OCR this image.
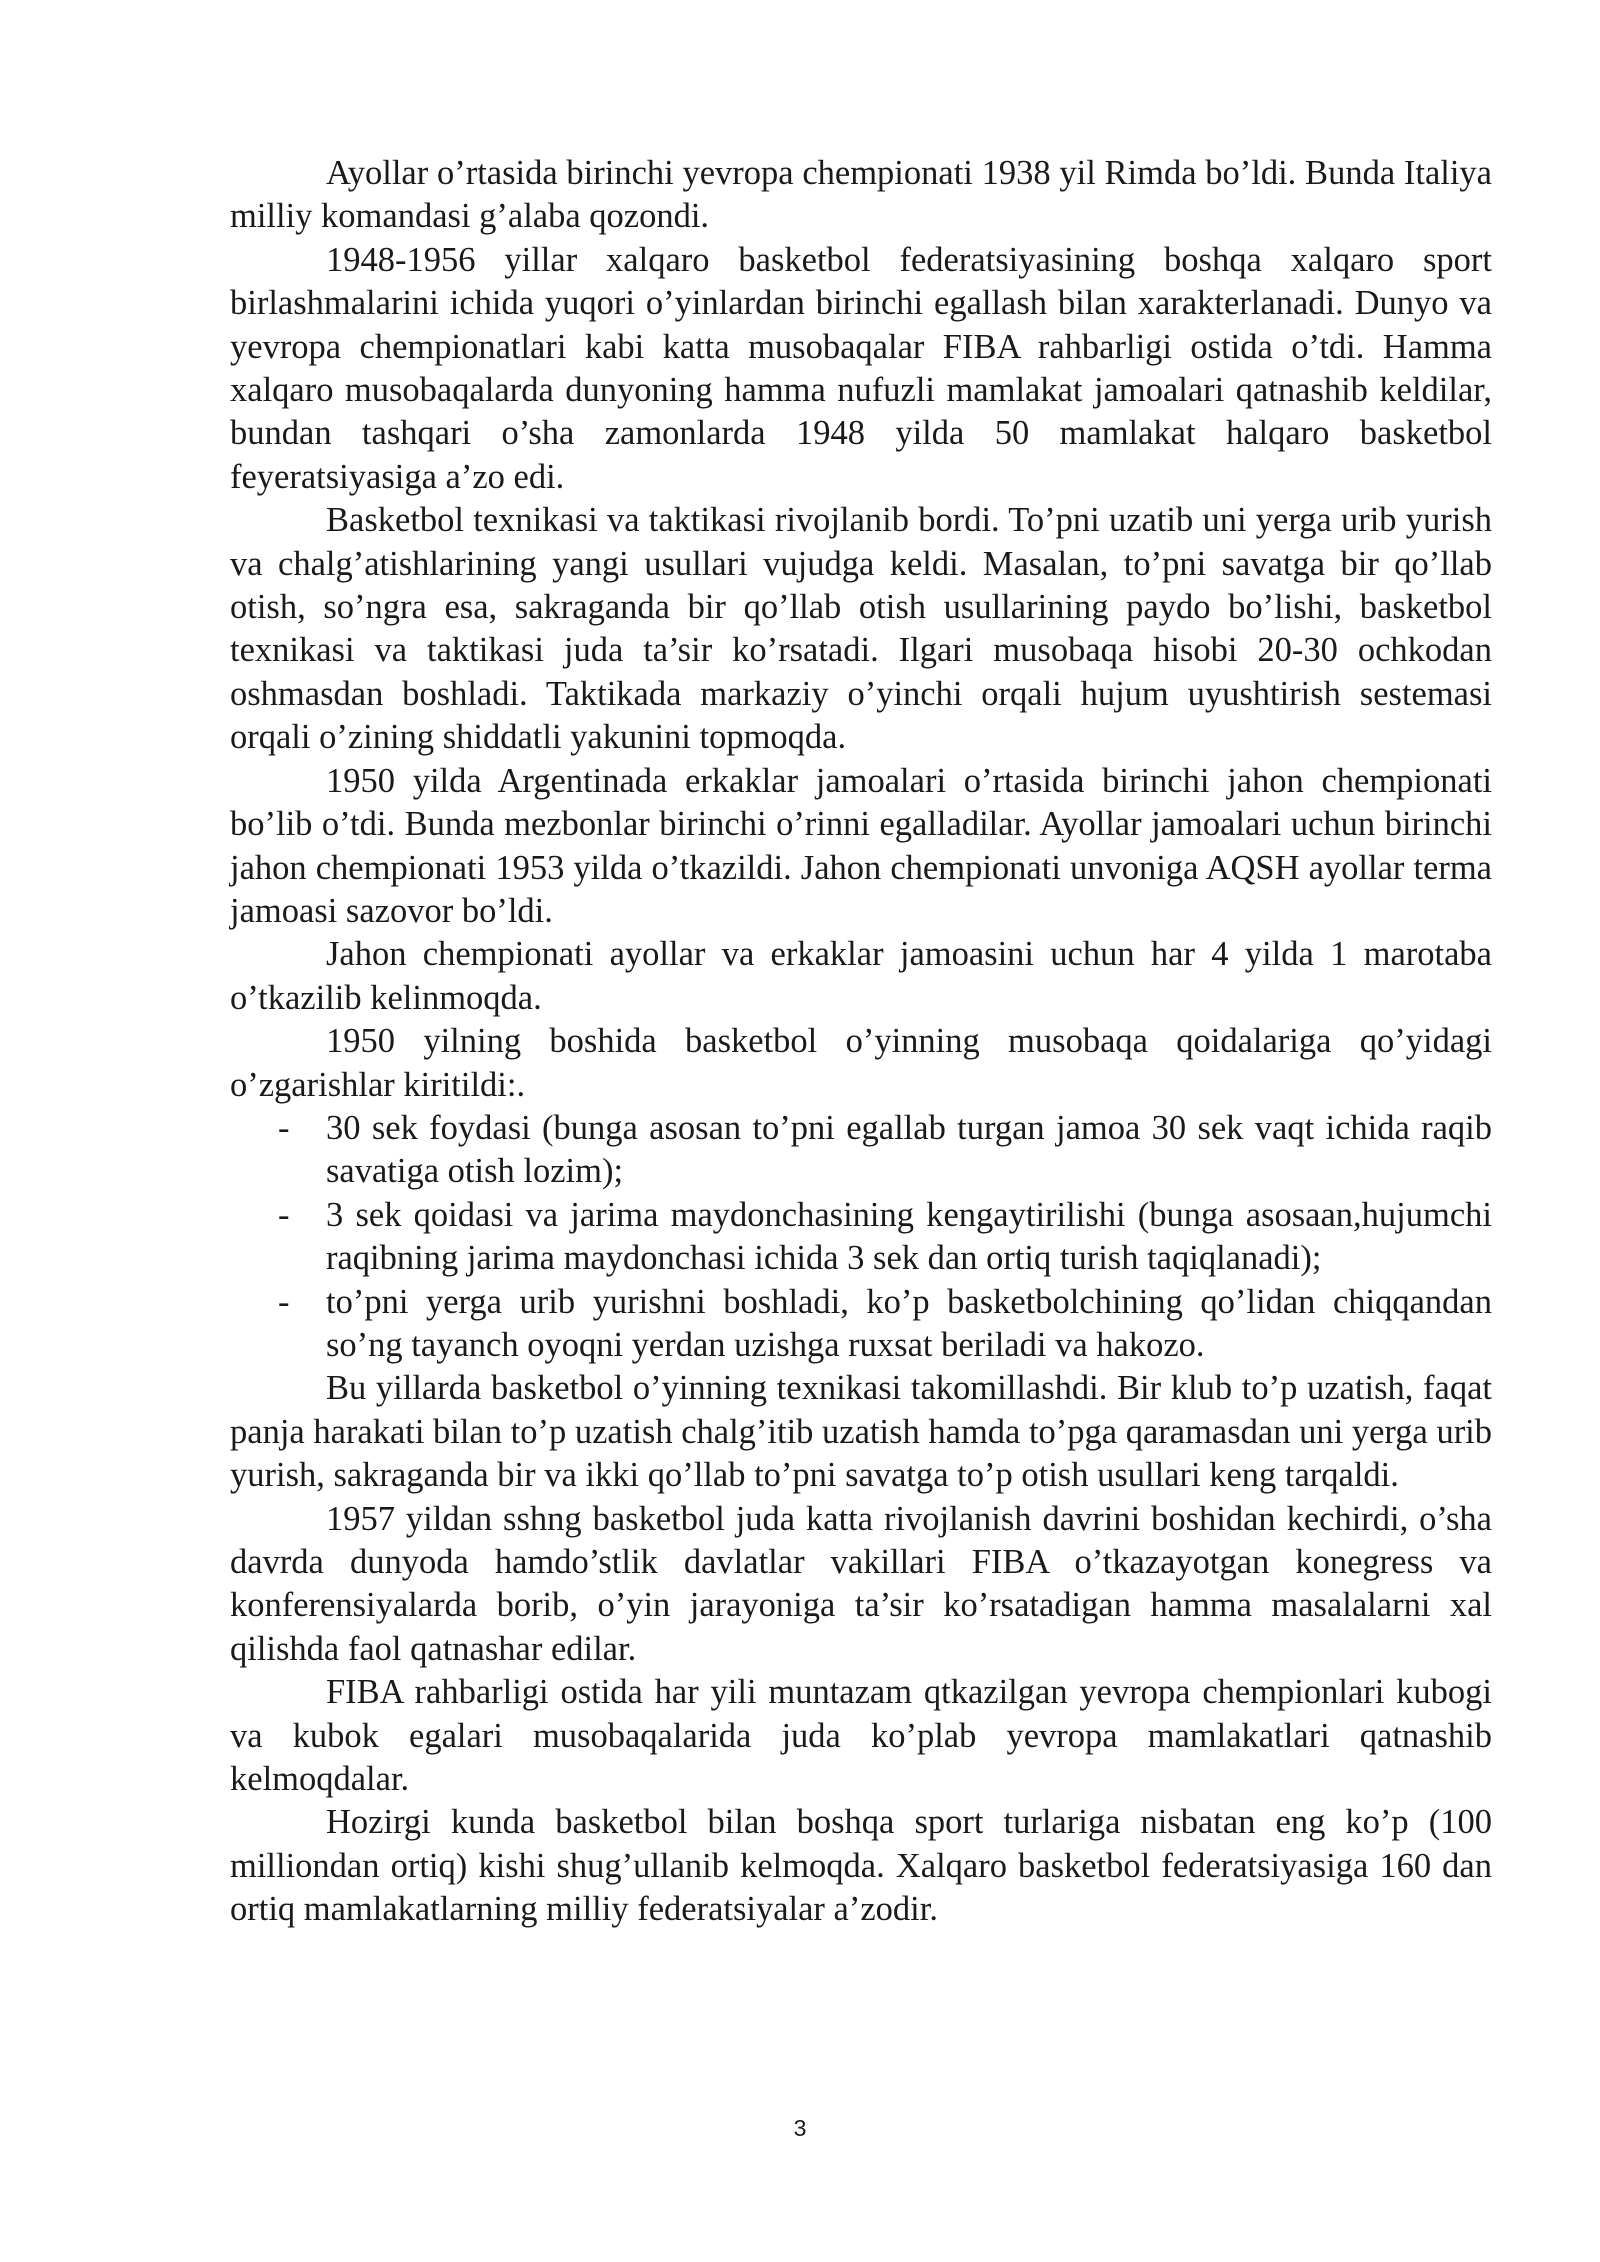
Ayollar o’rtasida birinchi yevropa chempionati 1938 yil Rimda bo’ldi. Bunda Italiya milliy komandasi g’alaba qozondi.

1948-1956 yillar xalqaro basketbol federatsiyasining boshqa xalqaro sport birlashmalarini ichida yuqori o’yinlardan birinchi egallash bilan xarakterlanadi. Dunyo va yevropa chempionatlari kabi katta musobaqalar FIBA rahbarligi ostida o’tdi. Hamma xalqaro musobaqalarda dunyoning hamma nufuzli mamlakat jamoalari qatnashib keldilar, bundan tashqari o’sha zamonlarda 1948 yilda 50 mamlakat halqaro basketbol feyeratsiyasiga a’zo edi.

Basketbol texnikasi va taktikasi rivojlanib bordi. To’pni uzatib uni yerga urib yurish va chalg’atishlarining yangi usullari vujudga keldi. Masalan, to’pni savatga bir qo’llab otish, so’ngra esa, sakraganda bir qo’llab otish usullarining paydo bo’lishi, basketbol texnikasi va taktikasi juda ta’sir ko’rsatadi. Ilgari musobaqa hisobi 20-30 ochkodan oshmasdan boshladi. Taktikada markaziy o’yinchi orqali hujum uyushtirish sestemasi orqali o’zining shiddatli yakunini topmoqda.

1950 yilda Argentinada erkaklar jamoalari o’rtasida birinchi jahon chempionati bo’lib o’tdi. Bunda mezbonlar birinchi o’rinni egalladilar. Ayollar jamoalari uchun birinchi jahon chempionati 1953 yilda o’tkazildi. Jahon chempionati unvoniga AQSH ayollar terma jamoasi sazovor bo’ldi.

Jahon chempionati ayollar va erkaklar jamoasini uchun har 4 yilda 1 marotaba o’tkazilib kelinmoqda.

1950 yilning boshida basketbol o’yinning musobaqa qoidalariga qo’yidagi o’zgarishlar kiritildi:.

- 30 sek foydasi (bunga asosan to’pni egallab turgan jamoa 30 sek vaqt ichida raqib savatiga otish lozim);
- 3 sek qoidasi va jarima maydonchasining kengaytirilishi (bunga asosaan,hujumchi raqibning jarima maydonchasi ichida 3 sek dan ortiq turish taqiqlanadi);
- to’pni yerga urib yurishni boshladi, ko’p basketbolchining qo’lidan chiqqandan so’ng tayanch oyoqni yerdan uzishga ruxsat beriladi va hakozo.

Bu yillarda basketbol o’yinning texnikasi takomillashdi. Bir klub to’p uzatish, faqat panja harakati bilan to’p uzatish chalg’itib uzatish hamda to’pga qaramasdan uni yerga urib yurish, sakraganda bir va ikki qo’llab to’pni savatga to’p otish usullari keng tarqaldi.

1957 yildan sshng basketbol juda katta rivojlanish davrini boshidan kechirdi, o’sha davrda dunyoda hamdo’stlik davlatlar vakillari FIBA o’tkazayotgan konegress va konferensiyalarda borib, o’yin jarayoniga ta’sir ko’rsatadigan hamma masalalarni xal qilishda faol qatnashar edilar.

FIBA rahbarligi ostida har yili muntazam qtkazilgan yevropa chempionlari kubogi va kubok egalari musobaqalarida juda ko’plab yevropa mamlakatlari qatnashib kelmoqdalar.

Hozirgi kunda basketbol bilan boshqa sport turlariga nisbatan eng ko’p (100 milliondan ortiq) kishi shug’ullanib kelmoqda. Xalqaro basketbol federatsiyasiga 160 dan ortiq mamlakatlarning milliy federatsiyalar a’zodir.

3
